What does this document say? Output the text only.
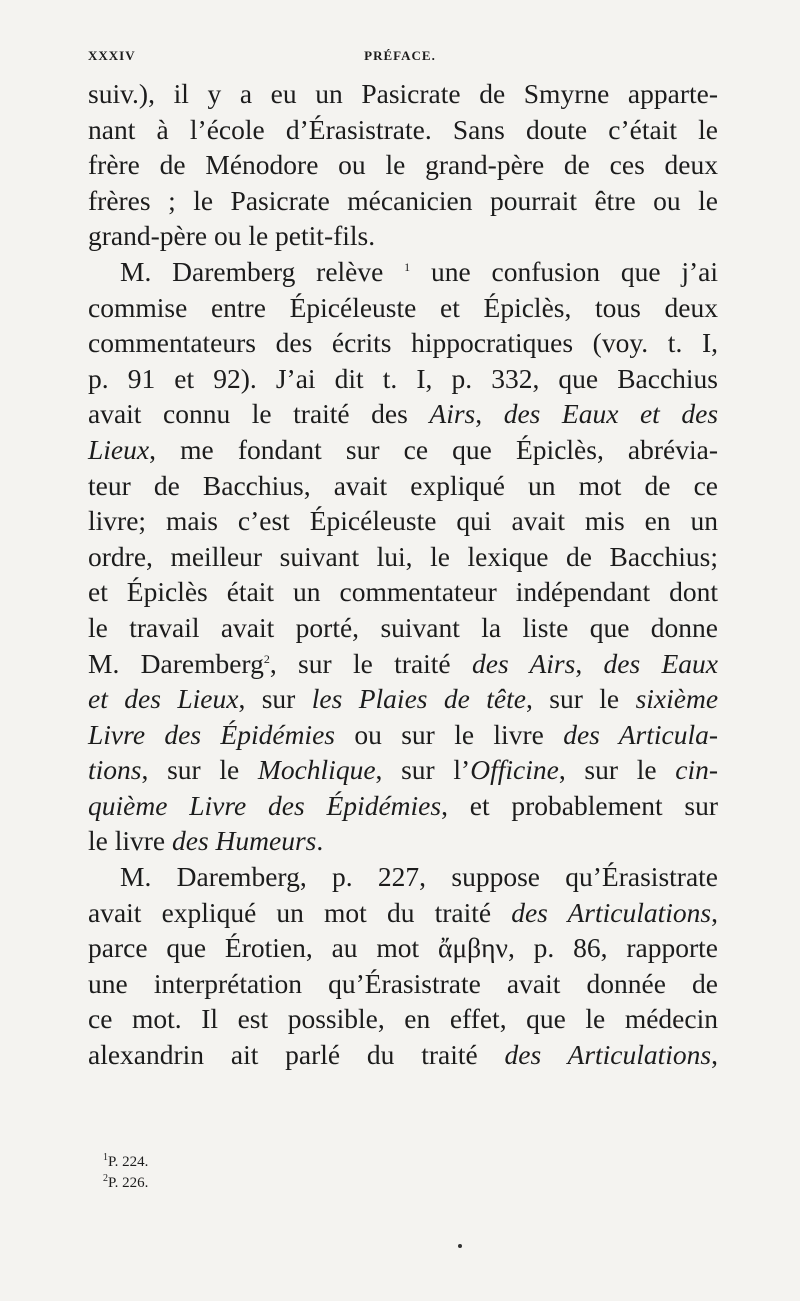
XXXIV	PRÉFACE.
suiv.), il y a eu un Pasicrate de Smyrne apparte-
nant à l’école d’Érasistrate. Sans doute c’était le
frère de Ménodore ou le grand-père de ces deux
frères ; le Pasicrate mécanicien pourrait être ou le
grand-père ou le petit-fils.
M. Daremberg relève $^1$ une confusion que j’ai
commise entre Épicéleuste et Épiclès, tous deux
commentateurs des écrits hippocratiques (voy. t. I,
p. 91 et 92). J’ai dit t. I, p. 332, que Bacchius
avait connu le traité des Airs, des Eaux et des
Lieux, me fondant sur ce que Épiclès, abrévia-
teur de Bacchius, avait expliqué un mot de ce
livre; mais c’est Épicéleuste qui avait mis en un
ordre, meilleur suivant lui, le lexique de Bacchius;
et Épiclès était un commentateur indépendant dont
le travail avait porté, suivant la liste que donne
M. Daremberg$^2$, sur le traité des Airs, des Eaux
et des Lieux, sur les Plaies de tête, sur le sixième
Livre des Épidémies ou sur le livre des Articula-
tions, sur le Mochlique, sur l’Officine, sur le cin-
quième Livre des Épidémies, et probablement sur
le livre des Humeurs.
M. Daremberg, p. 227, suppose qu’Érasistrate
avait expliqué un mot du traité des Articulations,
parce que Érotien, au mot ἄμβην, p. 86, rapporte
une interprétation qu’Érasistrate avait donnée de
ce mot. Il est possible, en effet, que le médecin
alexandrin ait parlé du traité des Articulations,
$^1$P. 224.
$^2$P. 226.
